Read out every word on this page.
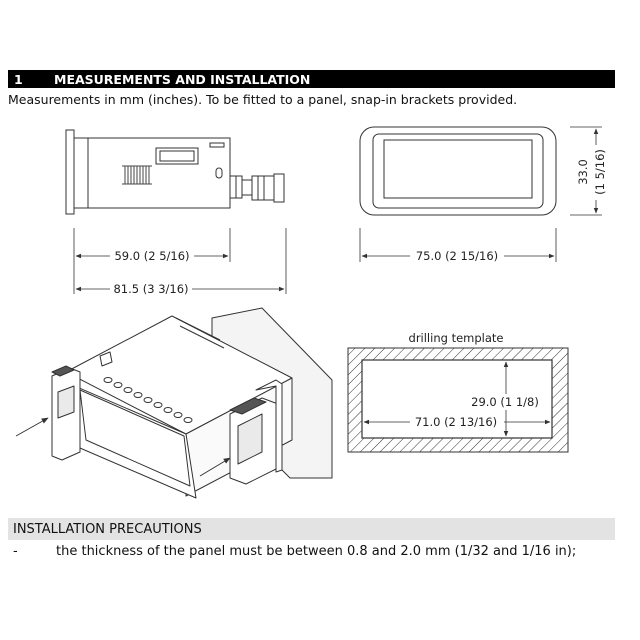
1	MEASUREMENTS AND INSTALLATION
Measurements in mm (inches). To be fitted to a panel, snap-in brackets provided.
59.0 (2 5/16)
81.5 (3 3/16)
75.0 (2 15/16)
33.0 (1 5/16)
drilling template
29.0 (1 1/8)
71.0 (2 13/16)
INSTALLATION PRECAUTIONS
-	the thickness of the panel must be between 0.8 and 2.0 mm (1/32 and 1/16 in);
